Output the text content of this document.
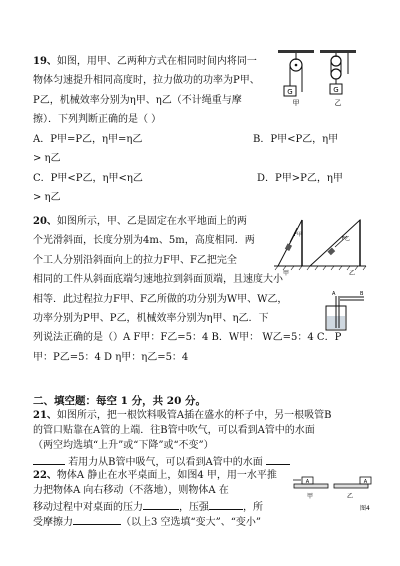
19、如图，用甲、乙两种方式在相同时间内将同一
物体匀速提升相同高度时，拉力做功的功率为P甲、
P乙，机械效率分别为η甲、η乙（不计绳重与摩
擦）．下列判断正确的是（ ）
G
甲
G
乙
A．P甲=P乙，η甲=η乙	B．P甲<P乙，η甲
> η乙
C．P甲<P乙，η甲<η乙	D．P甲>P乙，η甲
> η乙
20、如图所示，甲、乙是固定在水平地面上的两
个光滑斜面，长度分别为4m、5m，高度相同．两
个工人分别沿斜面向上的拉力F甲、F乙把完全
相同的工件从斜面底端匀速地拉到斜面顶端，且速度大小
相等．此过程拉力F甲、F乙所做的功分别为W甲、W乙，
功率分别为P甲、P乙，机械效率分别为η甲、η乙．下
列说法正确的是（）A F甲：F乙=5：4 B．W甲： W乙=5：4 C．P
甲：P乙=5：4 D η甲：η乙=5：4
F甲
甲
F乙
乙
A	B
二、填空题：每空 1 分，共 20 分。
21、如图所示，把一根饮料吸管A插在盛水的杯子中，另一根吸管B
的管口贴靠在A管的上端．往B管中吹气，可以看到A管中的水面
（两空均选填“上升”或“下降”或“不变”）
若用力从B管中吸气，可以看到A管中的水面
22、物体A 静止在水平桌面上，如图4 甲，用一水平推
力把物体A 向右移动（不落地），则物体A 在
移动过程中对桌面的压力	，压强	，所
受摩擦力	（以上3 空选填“变大”、“变小”
A
甲
A
乙
图4
